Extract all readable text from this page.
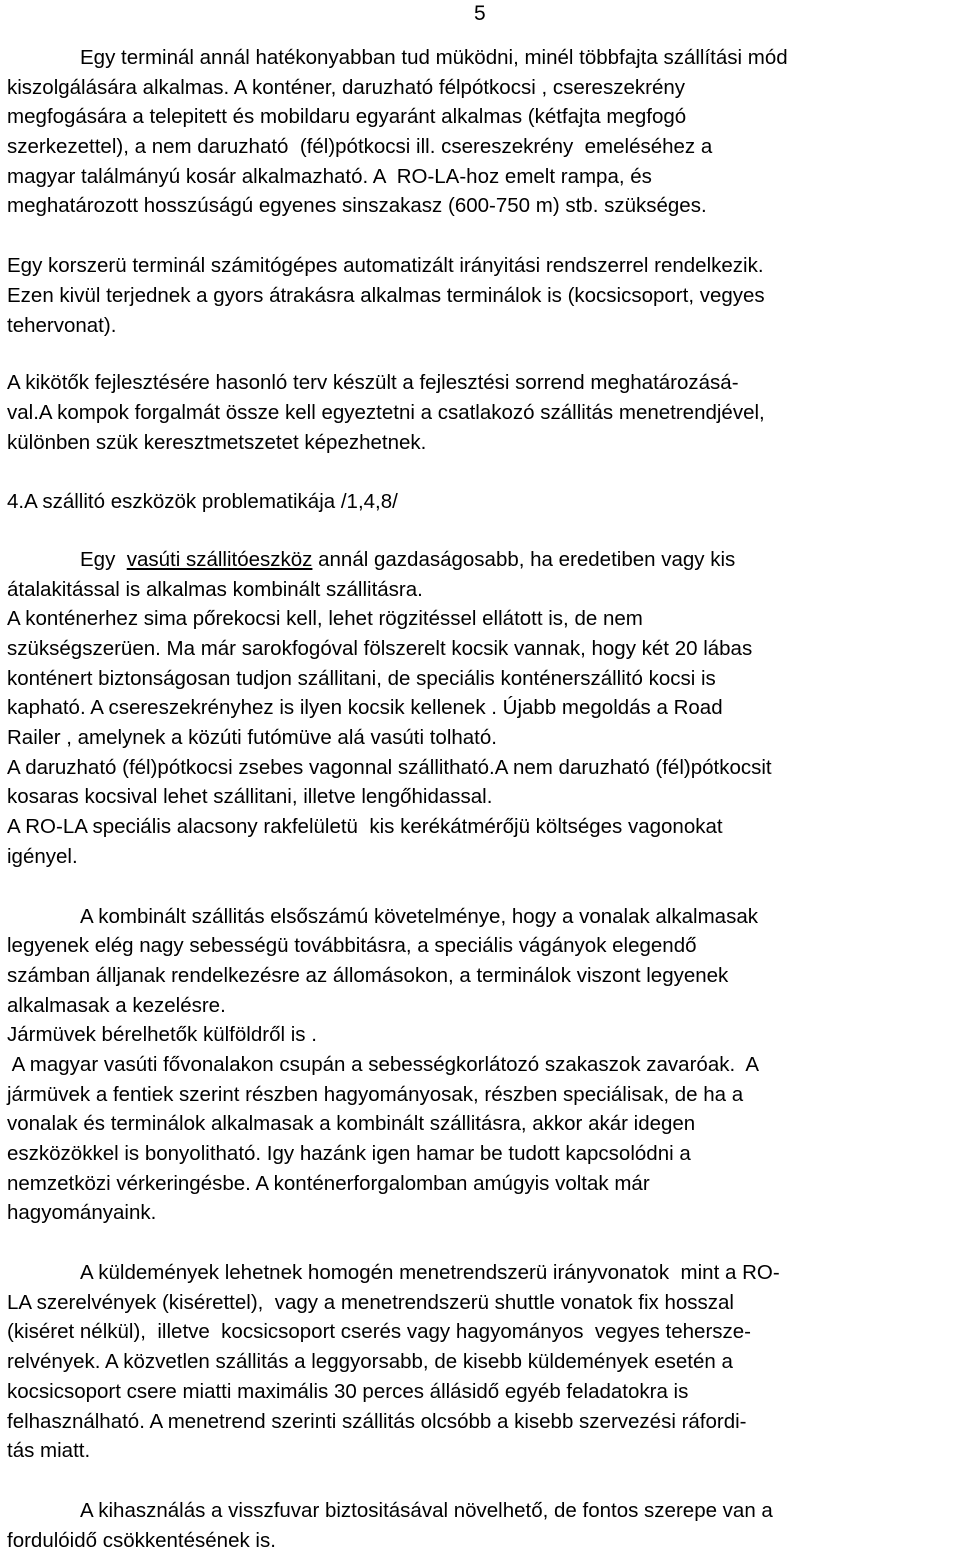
5
Egy terminál annál hatékonyabban tud müködni, minél többfajta szállítási mód
kiszolgálására alkalmas. A konténer, daruzható félpótkocsi , csereszekrény
megfogására a telepitett és mobildaru egyaránt alkalmas (kétfajta megfogó
szerkezettel), a nem daruzható  (fél)pótkocsi ill. csereszekrény  emeléséhez a
magyar találmányú kosár alkalmazható. A  RO-LA-hoz emelt rampa, és
meghatározott hosszúságú egyenes sinszakasz (600-750 m) stb. szükséges.
Egy korszerü terminál számitógépes automatizált irányitási rendszerrel rendelkezik.
Ezen kivül terjednek a gyors átrakásra alkalmas terminálok is (kocsicsoport, vegyes
tehervonat).
A kikötők fejlesztésére hasonló terv készült a fejlesztési sorrend meghatározásá-
val.A kompok forgalmát össze kell egyeztetni a csatlakozó szállitás menetrendjével,
különben szük keresztmetszetet képezhetnek.
4.A szállitó eszközök problematikája /1,4,8/
Egy  vasúti szállitóeszköz annál gazdaságosabb, ha eredetiben vagy kis
átalakitással is alkalmas kombinált szállitásra.
A konténerhez sima pőrekocsi kell, lehet rögzitéssel ellátott is, de nem
szükségszerüen. Ma már sarokfogóval fölszerelt kocsik vannak, hogy két 20 lábas
konténert biztonságosan tudjon szállitani, de speciális konténerszállitó kocsi is
kapható. A csereszekrényhez is ilyen kocsik kellenek . Újabb megoldás a Road
Railer , amelynek a közúti futómüve alá vasúti tolható.
A daruzható (fél)pótkocsi zsebes vagonnal szállitható.A nem daruzható (fél)pótkocsit
kosaras kocsival lehet szállitani, illetve lengőhidassal.
A RO-LA speciális alacsony rakfelületü  kis kerékátmérőjü költséges vagonokat
igényel.
A kombinált szállitás elsőszámú követelménye, hogy a vonalak alkalmasak
legyenek elég nagy sebességü továbbitásra, a speciális vágányok elegendő
számban álljanak rendelkezésre az állomásokon, a terminálok viszont legyenek
alkalmasak a kezelésre.
Jármüvek bérelhetők külföldről is .
A magyar vasúti fővonalakon csupán a sebességkorlátozó szakaszok zavaróak.  A
jármüvek a fentiek szerint részben hagyományosak, részben speciálisak, de ha a
vonalak és terminálok alkalmasak a kombinált szállitásra, akkor akár idegen
eszközökkel is bonyolitható. Igy hazánk igen hamar be tudott kapcsolódni a
nemzetközi vérkeringésbe. A konténerforgalomban amúgyis voltak már
hagyományaink.
A küldemények lehetnek homogén menetrendszerü irányvonatok  mint a RO-
LA szerelvények (kisérettel),  vagy a menetrendszerü shuttle vonatok fix hosszal
(kiséret nélkül),  illetve  kocsicsoport cserés vagy hagyományos  vegyes tehersze-
relvények. A közvetlen szállitás a leggyorsabb, de kisebb küldemények esetén a
kocsicsoport csere miatti maximális 30 perces állásidő egyéb feladatokra is
felhasználható. A menetrend szerinti szállitás olcsóbb a kisebb szervezési ráfordi-
tás miatt.
A kihasználás a visszfuvar biztositásával növelhető, de fontos szerepe van a
fordulóidő csökkentésének is.
